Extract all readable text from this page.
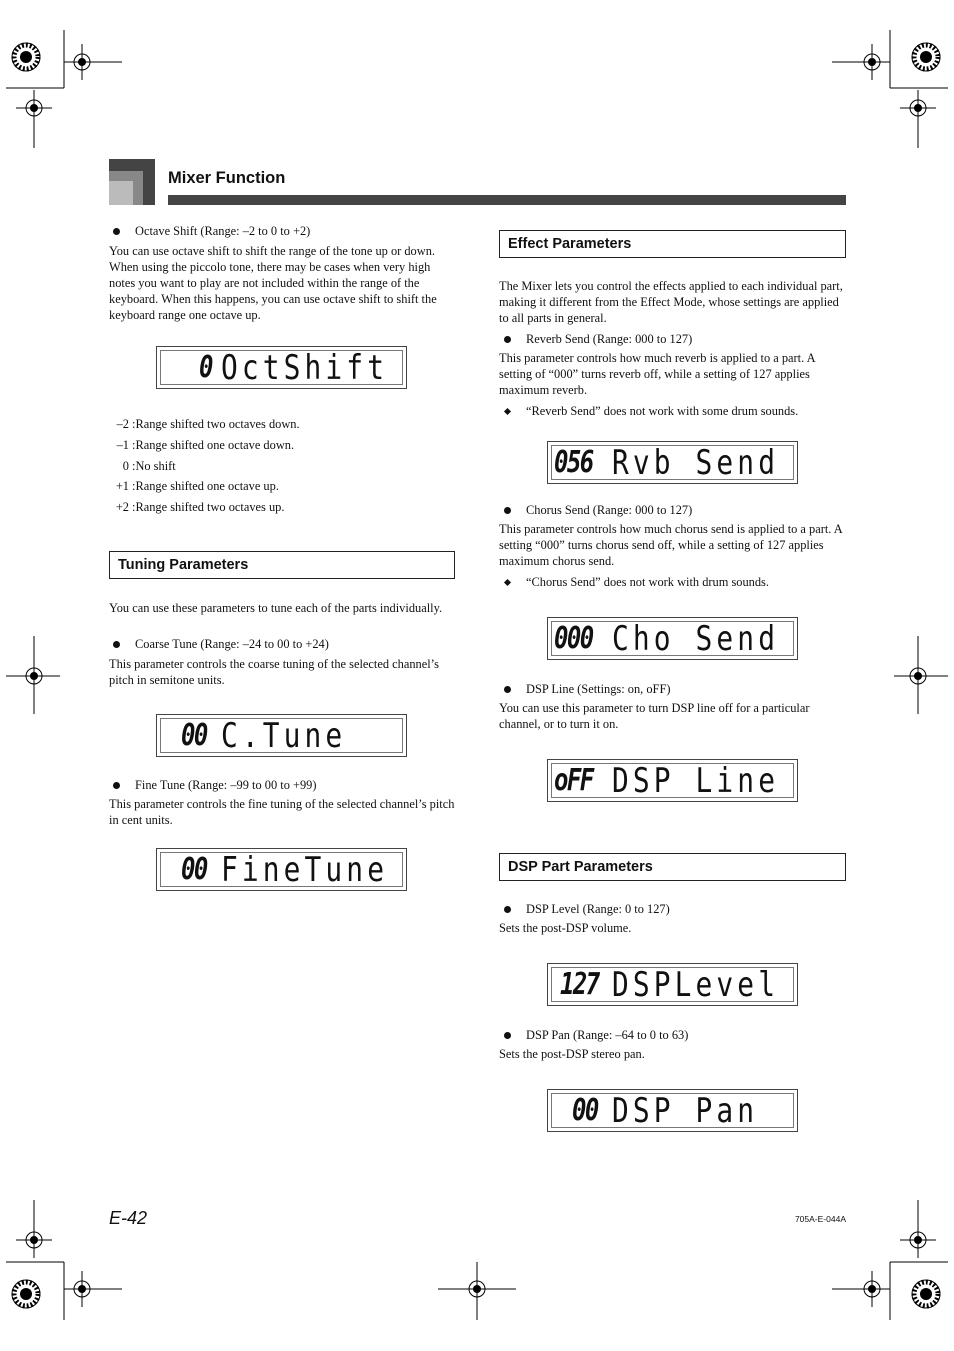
Mixer Function
Octave Shift (Range: –2 to 0 to +2)

You can use octave shift to shift the range of the tone up or down. When using the piccolo tone, there may be cases when very high notes you want to play are not included within the range of the keyboard. When this happens, you can use octave shift to shift the keyboard range one octave up.

0 OctShift
–2 :Range shifted two octaves down.
–1 :Range shifted one octave down.
0 :No shift
+1 :Range shifted one octave up.
+2 :Range shifted two octaves up.
Tuning Parameters

You can use these parameters to tune each of the parts individually.

Coarse Tune (Range: –24 to 00 to +24)

This parameter controls the coarse tuning of the selected channel’s pitch in semitone units.

00 C.Tune
Fine Tune (Range: –99 to 00 to +99)

This parameter controls the fine tuning of the selected channel’s pitch in cent units.

00 FineTune
Effect Parameters

The Mixer lets you control the effects applied to each individual part, making it different from the Effect Mode, whose settings are applied to all parts in general.

Reverb Send (Range: 000 to 127)

This parameter controls how much reverb is applied to a part. A setting of “000” turns reverb off, while a setting of 127 applies maximum reverb.

“Reverb Send” does not work with some drum sounds.
056 Rvb Send
Chorus Send (Range: 000 to 127)

This parameter controls how much chorus send is applied to a part. A setting “000” turns chorus send off, while a setting of 127 applies maximum chorus send.

“Chorus Send” does not work with drum sounds.
000 Cho Send
DSP Line (Settings: on, oFF)

You can use this parameter to turn DSP line off for a particular channel, or to turn it on.

oFF DSP Line
DSP Part Parameters
DSP Level (Range: 0 to 127)

Sets the post-DSP volume.

127 DSPLevel
DSP Pan (Range: –64 to 0 to 63)

Sets the post-DSP stereo pan.

00 DSP Pan
E-42	705A-E-044A
